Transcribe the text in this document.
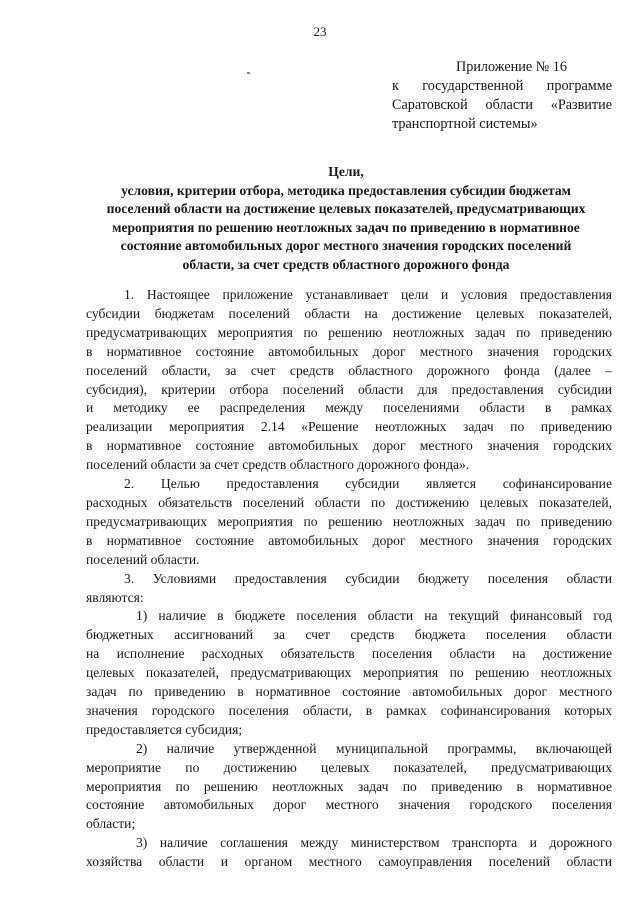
23
Приложение № 16
к государственной программе
Саратовской области «Развитие
транспортной системы»
Цели,
условия, критерии отбора, методика предоставления субсидии бюджетам
поселений области на достижение целевых показателей, предусматривающих
мероприятия по решению неотложных задач по приведению в нормативное
состояние автомобильных дорог местного значения городских поселений
области, за счет средств областного дорожного фонда
1. Настоящее приложение устанавливает цели и условия предоставления
субсидии бюджетам поселений области на достижение целевых показателей,
предусматривающих мероприятия по решению неотложных задач по приведению
в нормативное состояние автомобильных дорог местного значения городских
поселений области, за счет средств областного дорожного фонда (далее –
субсидия), критерии отбора поселений области для предоставления субсидии
и методику ее распределения между поселениями области в рамках
реализации мероприятия 2.14 «Решение неотложных задач по приведению
в нормативное состояние автомобильных дорог местного значения городских
поселений области за счет средств областного дорожного фонда».
2. Целью предоставления субсидии является софинансирование
расходных обязательств поселений области по достижению целевых показателей,
предусматривающих мероприятия по решению неотложных задач по приведению
в нормативное состояние автомобильных дорог местного значения городских
поселений области.
3. Условиями предоставления субсидии бюджету поселения области
являются:
1) наличие в бюджете поселения области на текущий финансовый год
бюджетных ассигнований за счет средств бюджета поселения области
на исполнение расходных обязательств поселения области на достижение
целевых показателей, предусматривающих мероприятия по решению неотложных
задач по приведению в нормативное состояние автомобильных дорог местного
значения городского поселения области, в рамках софинансирования которых
предоставляется субсидия;
2) наличие утвержденной муниципальной программы, включающей
мероприятие по достижению целевых показателей, предусматривающих
мероприятия по решению неотложных задач по приведению в нормативное
состояние автомобильных дорог местного значения городского поселения
области;
3) наличие соглашения между министерством транспорта и дорожного
хозяйства области и органом местного самоуправления поселений области
